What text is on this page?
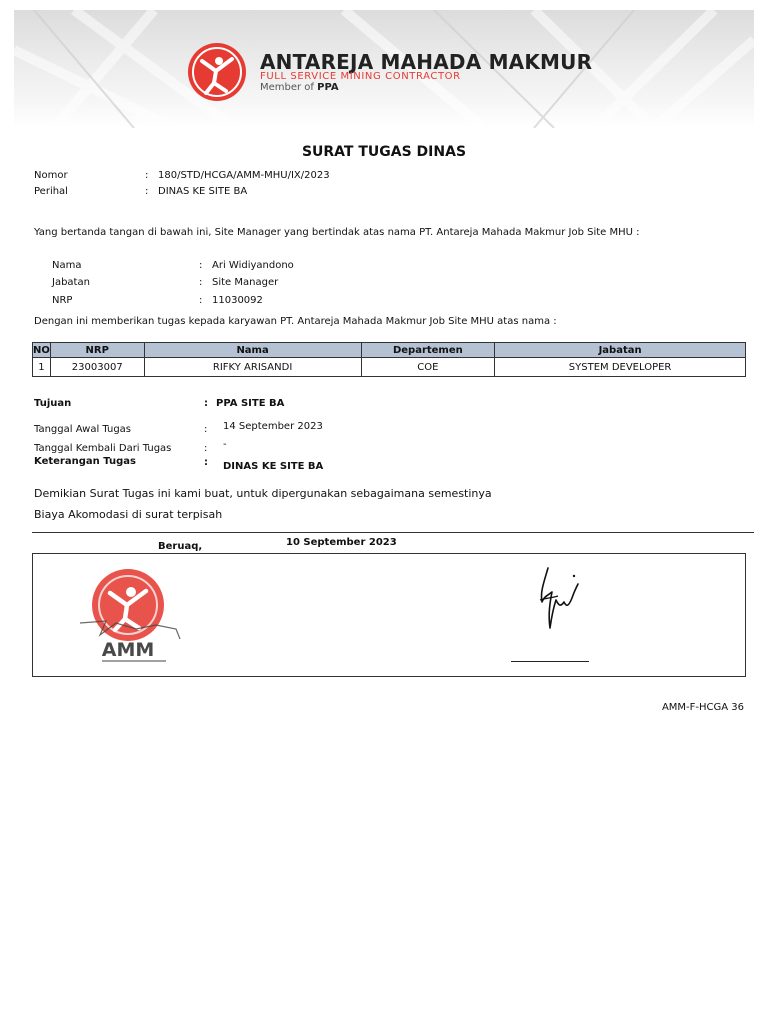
ANTAREJA MAHADA MAKMUR
FULL SERVICE MINING CONTRACTOR
Member of PPA
SURAT TUGAS DINAS
Nomor	: 180/STD/HCGA/AMM-MHU/IX/2023
Perihal	: DINAS KE SITE BA
Yang bertanda tangan di bawah ini, Site Manager yang bertindak atas nama PT. Antareja Mahada Makmur Job Site MHU :
Nama	: Ari Widiyandono
Jabatan	: Site Manager
NRP	: 11030092
Dengan ini memberikan tugas kepada karyawan PT. Antareja Mahada Makmur Job Site MHU atas nama :
NO	NRP	Nama	Departemen	Jabatan
1	23003007	RIFKY ARISANDI	COE	SYSTEM DEVELOPER
Tujuan	: PPA SITE BA
Tanggal Awal Tugas	: 14 September 2023
Tanggal Kembali Dari Tugas	: -
Keterangan Tugas	: DINAS KE SITE BA
Demikian Surat Tugas ini kami buat, untuk dipergunakan sebagaimana semestinya
Biaya Akomodasi di surat terpisah
Beruaq,	10 September 2023
AMM
AMM-F-HCGA 36
